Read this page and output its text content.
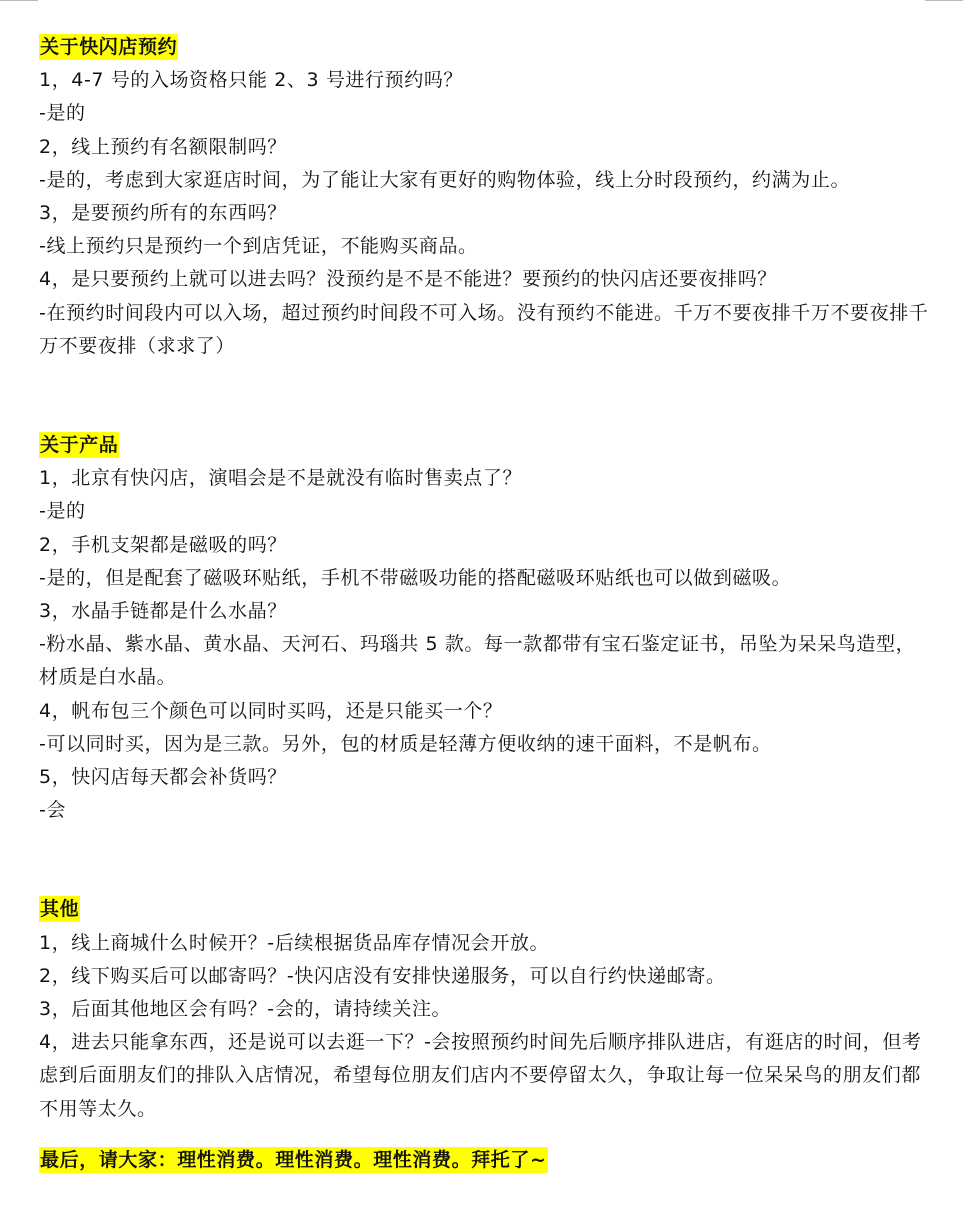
关于快闪店预约
1，4-7 号的入场资格只能 2、3 号进行预约吗？
-是的
2，线上预约有名额限制吗？
-是的，考虑到大家逛店时间，为了能让大家有更好的购物体验，线上分时段预约，约满为止。
3，是要预约所有的东西吗？
-线上预约只是预约一个到店凭证，不能购买商品。
4，是只要预约上就可以进去吗？没预约是不是不能进？要预约的快闪店还要夜排吗？
-在预约时间段内可以入场，超过预约时间段不可入场。没有预约不能进。千万不要夜排千万不要夜排千万不要夜排（求求了）
关于产品
1，北京有快闪店，演唱会是不是就没有临时售卖点了？
-是的
2，手机支架都是磁吸的吗？
-是的，但是配套了磁吸环贴纸，手机不带磁吸功能的搭配磁吸环贴纸也可以做到磁吸。
3，水晶手链都是什么水晶？
-粉水晶、紫水晶、黄水晶、天河石、玛瑙共 5 款。每一款都带有宝石鉴定证书，吊坠为呆呆鸟造型，材质是白水晶。
4，帆布包三个颜色可以同时买吗，还是只能买一个？
-可以同时买，因为是三款。另外，包的材质是轻薄方便收纳的速干面料，不是帆布。
5，快闪店每天都会补货吗？
-会
其他
1，线上商城什么时候开？-后续根据货品库存情况会开放。
2，线下购买后可以邮寄吗？-快闪店没有安排快递服务，可以自行约快递邮寄。
3，后面其他地区会有吗？-会的，请持续关注。
4，进去只能拿东西，还是说可以去逛一下？-会按照预约时间先后顺序排队进店，有逛店的时间，但考虑到后面朋友们的排队入店情况，希望每位朋友们店内不要停留太久，争取让每一位呆呆鸟的朋友们都不用等太久。
最后，请大家：理性消费。理性消费。理性消费。拜托了~
